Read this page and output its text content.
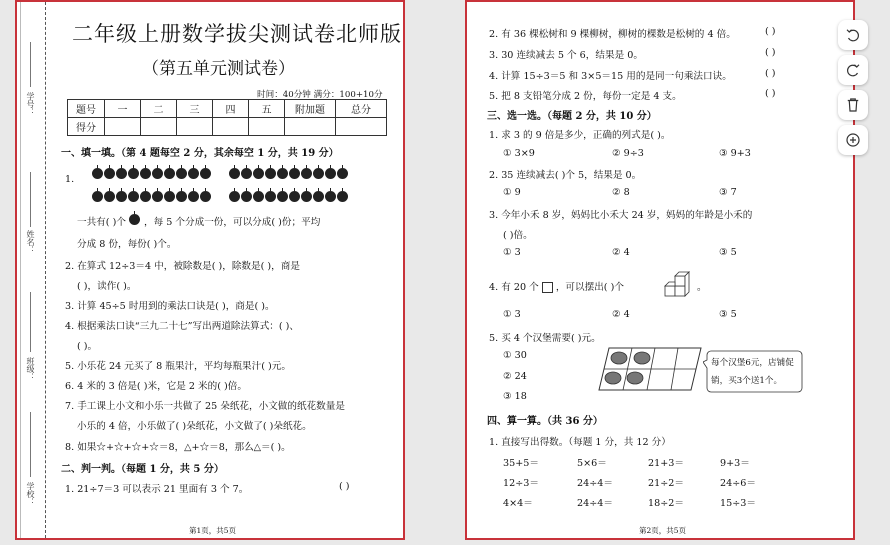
学号：
姓名：
班级：
学校：
二年级上册数学拔尖测试卷北师版
（第五单元测试卷）
时间：40分钟 满分：100+10分
题号	一	二	三	四	五	附加题	总分
得分							
一、填一填。（第 4 题每空 2 分，其余每空 1 分，共 19 分）
1.
一共有( )个 ，每 5 个分成一份，可以分成( )份；平均
分成 8 份，每份( )个。
2. 在算式 12÷3＝4 中，被除数是( )，除数是( )，商是
( )，读作( )。
3. 计算 45÷5 时用到的乘法口诀是( )，商是( )。
4. 根据乘法口诀“三九二十七”写出两道除法算式：( )、
( )。
5. 小乐花 24 元买了 8 瓶果汁，平均每瓶果汁( )元。
6. 4 米的 3 倍是( )米，它是 2 米的( )倍。
7. 手工课上小文和小乐一共做了 25 朵纸花，小文做的纸花数量是
小乐的 4 倍，小乐做了( )朵纸花，小文做了( )朵纸花。
8. 如果☆+☆+☆+☆＝8，△+☆＝8，那么△＝( )。
二、判一判。（每题 1 分，共 5 分）
1. 21÷7＝3 可以表示 21 里面有 3 个 7。	( )
第1页，共5页
2. 有 36 棵松树和 9 棵柳树，柳树的棵数是松树的 4 倍。	( )
3. 30 连续减去 5 个 6，结果是 0。	( )
4. 计算 15÷3＝5 和 3×5＝15 用的是同一句乘法口诀。	( )
5. 把 8 支铅笔分成 2 份，每份一定是 4 支。	( )
三、选一选。（每题 2 分，共 10 分）
1. 求 3 的 9 倍是多少，正确的列式是( )。
① 3×9	② 9÷3	③ 9+3
2. 35 连续减去( )个 5，结果是 0。
① 9	② 8	③ 7
3. 今年小禾 8 岁，妈妈比小禾大 24 岁，妈妈的年龄是小禾的
( )倍。
① 3	② 4	③ 5
4. 有 20 个 ，可以摆出( )个	。
① 3	② 4	③ 5
5. 买 4 个汉堡需要( )元。
① 30
② 24
③ 18
每个汉堡6元，店铺促
销，买3个送1个。
四、算一算。（共 36 分）
1. 直接写出得数。（每题 1 分，共 12 分）
35+5＝	5×6＝	21+3＝	9+3＝
12÷3＝	24÷4＝	21÷2＝	24÷6＝
4×4＝	24÷4＝	18÷2＝	15÷3＝
第2页，共5页
